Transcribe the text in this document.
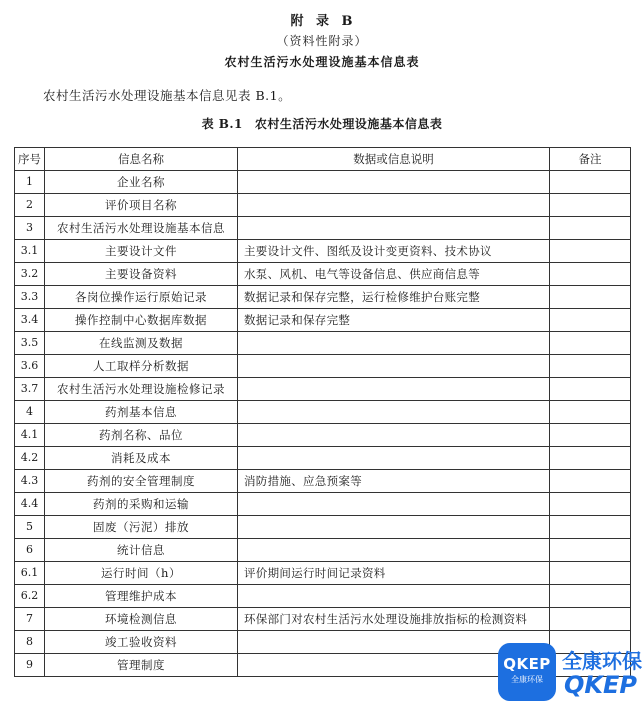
附 录 B
（资料性附录）
农村生活污水处理设施基本信息表
农村生活污水处理设施基本信息见表 B.1。
表 B.1 农村生活污水处理设施基本信息表
序号	信息名称	数据或信息说明	备注
1	企业名称		
2	评价项目名称		
3	农村生活污水处理设施基本信息		
3.1	主要设计文件	主要设计文件、图纸及设计变更资料、技术协议	
3.2	主要设备资料	水泵、风机、电气等设备信息、供应商信息等	
3.3	各岗位操作运行原始记录	数据记录和保存完整，运行检修维护台账完整	
3.4	操作控制中心数据库数据	数据记录和保存完整	
3.5	在线监测及数据		
3.6	人工取样分析数据		
3.7	农村生活污水处理设施检修记录		
4	药剂基本信息		
4.1	药剂名称、品位		
4.2	消耗及成本		
4.3	药剂的安全管理制度	消防措施、应急预案等	
4.4	药剂的采购和运输		
5	固废（污泥）排放		
6	统计信息		
6.1	运行时间（h）	评价期间运行时间记录资料	
6.2	管理维护成本		
7	环境检测信息	环保部门对农村生活污水处理设施排放指标的检测资料	
8	竣工验收资料		
9	管理制度			QKEP
全康环保
全康环保
QKEP
